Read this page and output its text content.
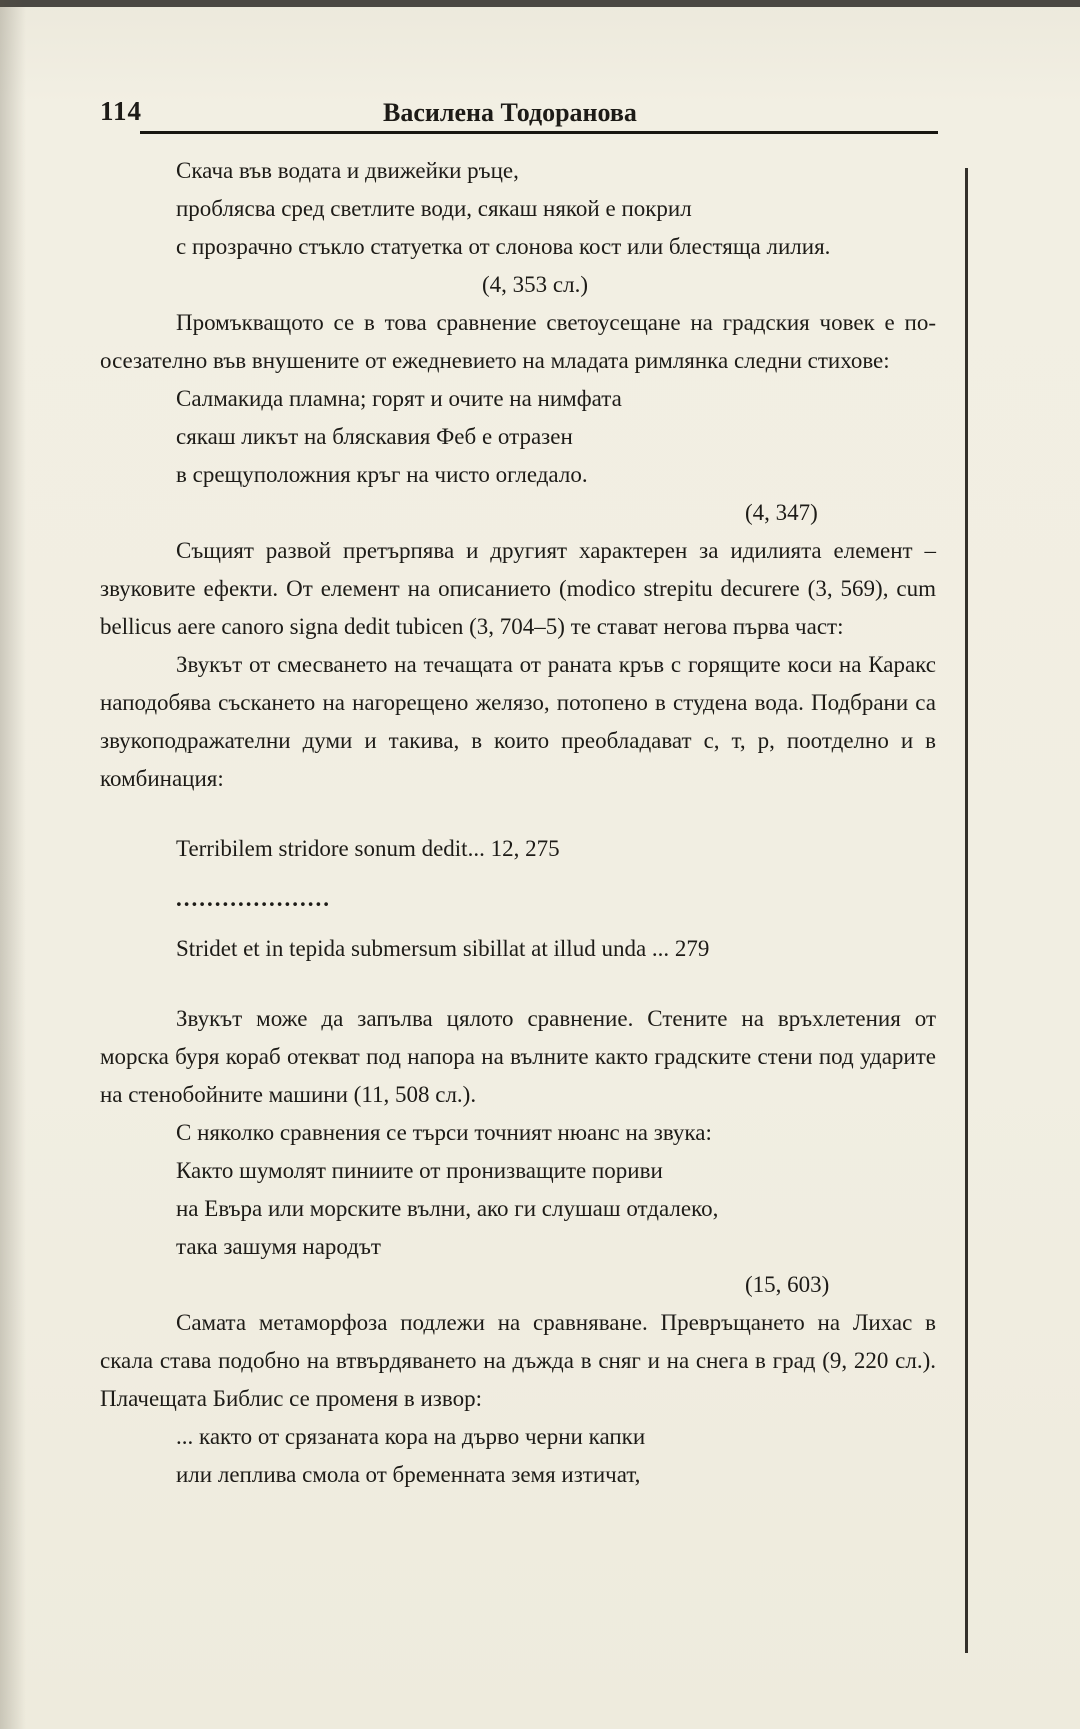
114	Василена Тодоранова
Скача във водата и движейки ръце,
проблясва сред светлите води, сякаш някой е покрил
с прозрачно стъкло статуетка от слонова кост или блестяща лилия.
(4, 353 сл.)
Промъкващото се в това сравнение светоусещане на градския човек е по-осезателно във внушените от ежедневието на младата римлянка следни стихове:
Салмакида пламна; горят и очите на нимфата
сякаш ликът на бляскавия Феб е отразен
в срещуположния кръг на чисто огледало.
(4, 347)
Същият развой претърпява и другият характерен за идилията елемент – звуковите ефекти. От елемент на описанието (modico strepitu decurere (3, 569), cum bellicus aere canoro signa dedit tubicen (3, 704–5) те стават негова първа част:
Звукът от смесването на течащата от раната кръв с горящите коси на Каракс наподобява съскането на нагорещено желязо, потопено в студена вода. Подбрани са звукоподражателни думи и такива, в които преобладават с, т, р, поотделно и в комбинация:
Terribilem stridore sonum dedit... 12, 275
....................
Stridet et in tepida submersum sibillat at illud unda ... 279
Звукът може да запълва цялото сравнение. Стените на връхлетения от морска буря кораб отекват под напора на вълните както градските стени под ударите на стенобойните машини (11, 508 сл.).
С няколко сравнения се търси точният нюанс на звука:
Както шумолят пиниите от пронизващите пориви
на Евъра или морските вълни, ако ги слушаш отдалеко,
така зашумя народът
(15, 603)
Самата метаморфоза подлежи на сравняване. Превръщането на Лихас в скала става подобно на втвърдяването на дъжда в сняг и на снега в град (9, 220 сл.). Плачещата Библис се променя в извор:
... както от срязаната кора на дърво черни капки
или леплива смола от бременната земя изтичат,
